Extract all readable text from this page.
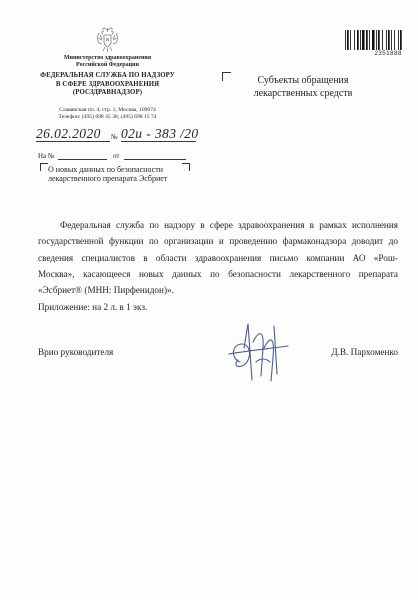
Министерство здравоохранения
Российской Федерации
ФЕДЕРАЛЬНАЯ СЛУЖБА ПО НАДЗОРУ
В СФЕРЕ ЗДРАВООХРАНЕНИЯ
(РОСЗДРАВНАДЗОР)
Славянская пл. 4, стр. 1, Москва, 109074
Телефон: (495) 698 45 38; (495) 698 15 74
26.02.2020 № 02и - 383 /20
На №	от
О новых данных по безопасности
лекарственного препарата Эсбриет
2351888
Субъекты обращения
лекарственных средств
Федеральная служба по надзору в сфере здравоохранения в рамках исполнения
государственной функции по организации и проведению фармаконадзора доводит до
сведения специалистов в области здравоохранения письмо компании АО «Рош-
Москва», касающееся новых данных по безопасности лекарственного препарата
«Эсбриет® (МНН: Пирфенидон)».
Приложение: на 2 л. в 1 экз.
Врио руководителя	Д.В. Пархоменко
